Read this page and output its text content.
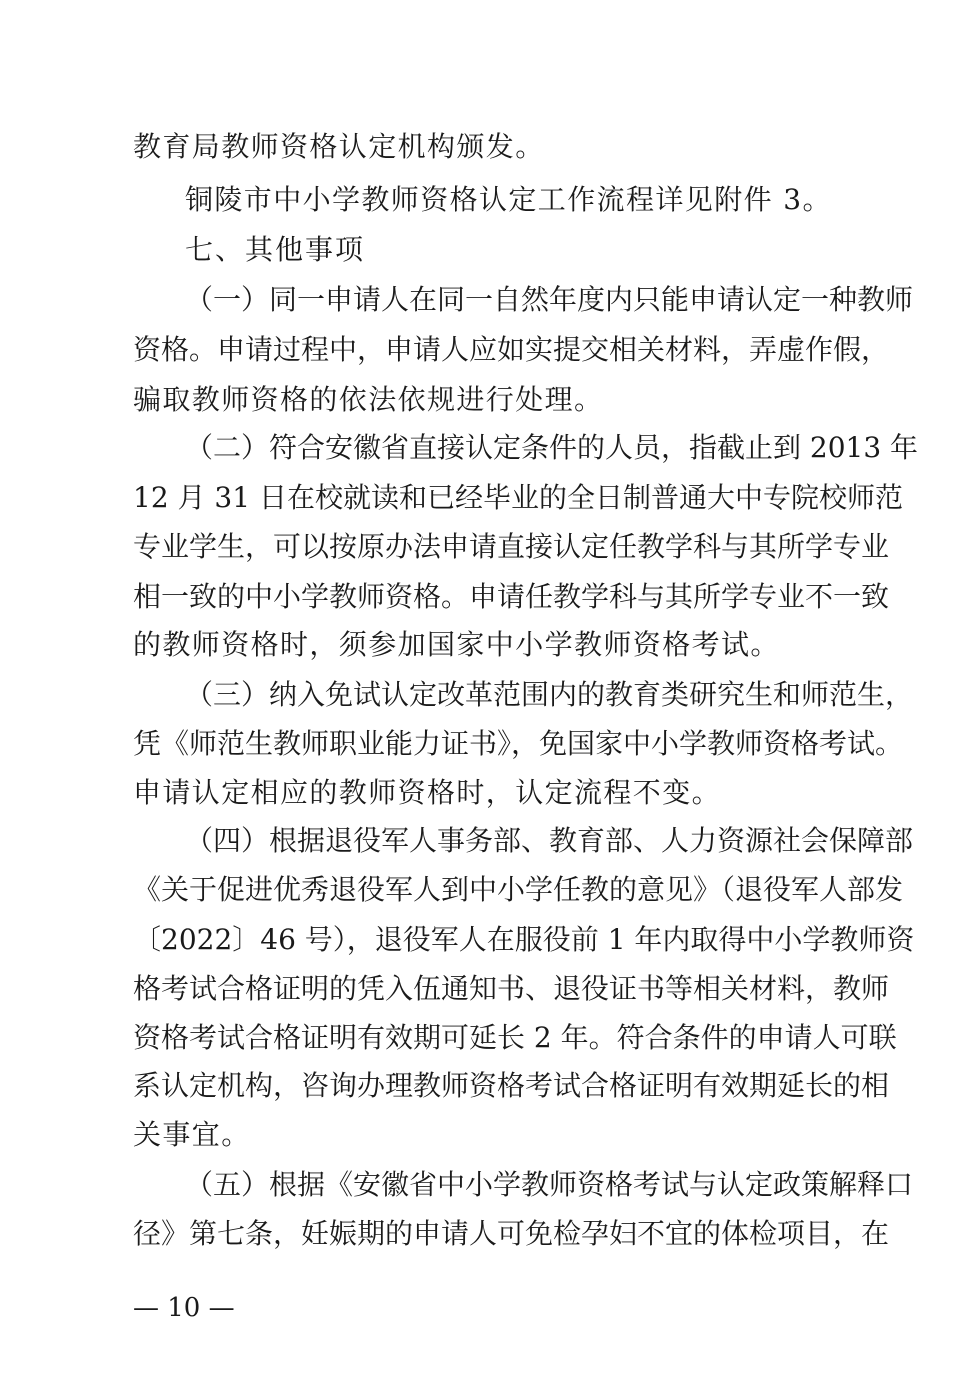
教育局教师资格认定机构颁发。
铜陵市中小学教师资格认定工作流程详见附件 3。
七、其他事项
（一）同一申请人在同一自然年度内只能申请认定一种教师
资格。申请过程中，申请人应如实提交相关材料，弄虚作假，
骗取教师资格的依法依规进行处理。
（二）符合安徽省直接认定条件的人员，指截止到 2013 年
12 月 31 日在校就读和已经毕业的全日制普通大中专院校师范
专业学生，可以按原办法申请直接认定任教学科与其所学专业
相一致的中小学教师资格。申请任教学科与其所学专业不一致
的教师资格时，须参加国家中小学教师资格考试。
（三）纳入免试认定改革范围内的教育类研究生和师范生，
凭《师范生教师职业能力证书》，免国家中小学教师资格考试。
申请认定相应的教师资格时，认定流程不变。
（四）根据退役军人事务部、教育部、人力资源社会保障部
《关于促进优秀退役军人到中小学任教的意见》（退役军人部发
〔2022〕46 号），退役军人在服役前 1 年内取得中小学教师资
格考试合格证明的凭入伍通知书、退役证书等相关材料，教师
资格考试合格证明有效期可延长 2 年。符合条件的申请人可联
系认定机构，咨询办理教师资格考试合格证明有效期延长的相
关事宜。
（五）根据《安徽省中小学教师资格考试与认定政策解释口
径》第七条，妊娠期的申请人可免检孕妇不宜的体检项目，在
— 10 —
